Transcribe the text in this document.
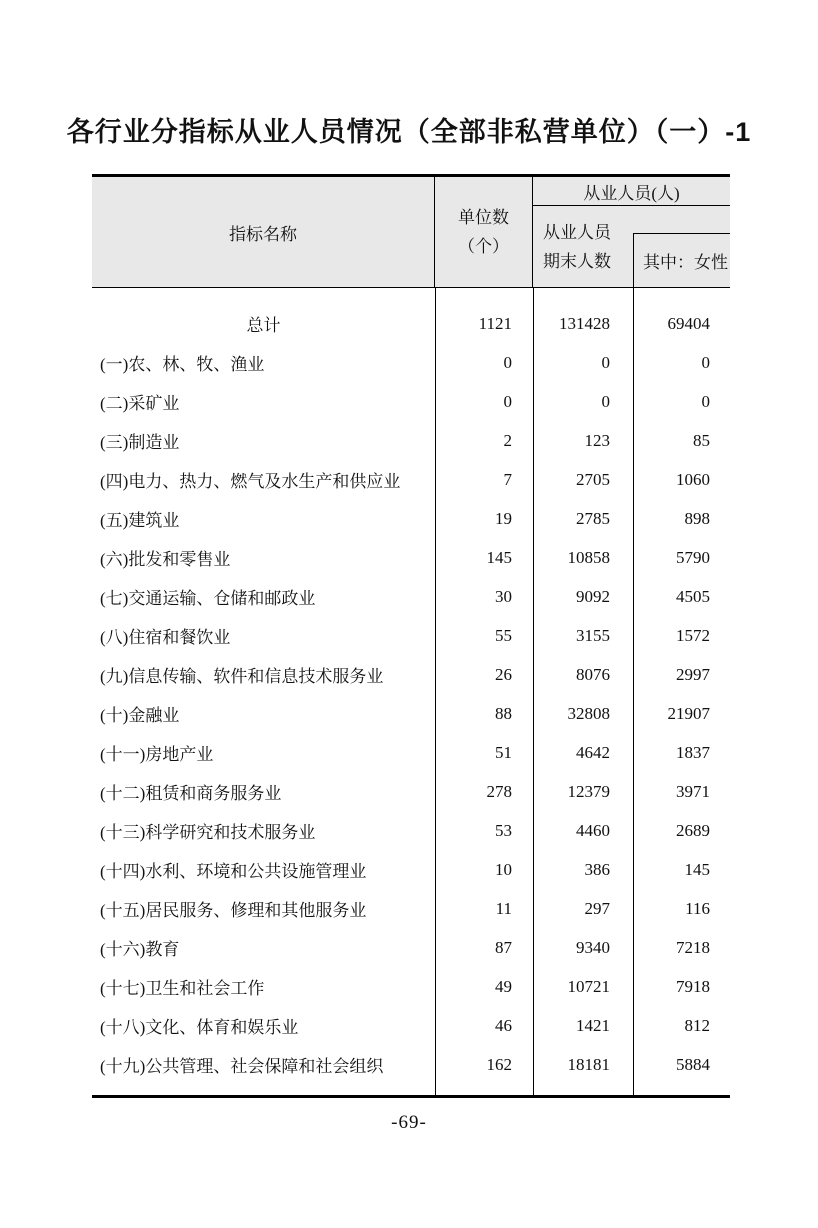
各行业分指标从业人员情况（全部非私营单位）（一）-1
指标名称
单位数
（个）
从业人员(人)
从业人员
期末人数	其中：女性
总计	1121	131428	69404
(一)农、林、牧、渔业	0	0	0
(二)采矿业	0	0	0
(三)制造业	2	123	85
(四)电力、热力、燃气及水生产和供应业	7	2705	1060
(五)建筑业	19	2785	898
(六)批发和零售业	145	10858	5790
(七)交通运输、仓储和邮政业	30	9092	4505
(八)住宿和餐饮业	55	3155	1572
(九)信息传输、软件和信息技术服务业	26	8076	2997
(十)金融业	88	32808	21907
(十一)房地产业	51	4642	1837
(十二)租赁和商务服务业	278	12379	3971
(十三)科学研究和技术服务业	53	4460	2689
(十四)水利、环境和公共设施管理业	10	386	145
(十五)居民服务、修理和其他服务业	11	297	116
(十六)教育	87	9340	7218
(十七)卫生和社会工作	49	10721	7918
(十八)文化、体育和娱乐业	46	1421	812
(十九)公共管理、社会保障和社会组织	162	18181	5884
-69-
